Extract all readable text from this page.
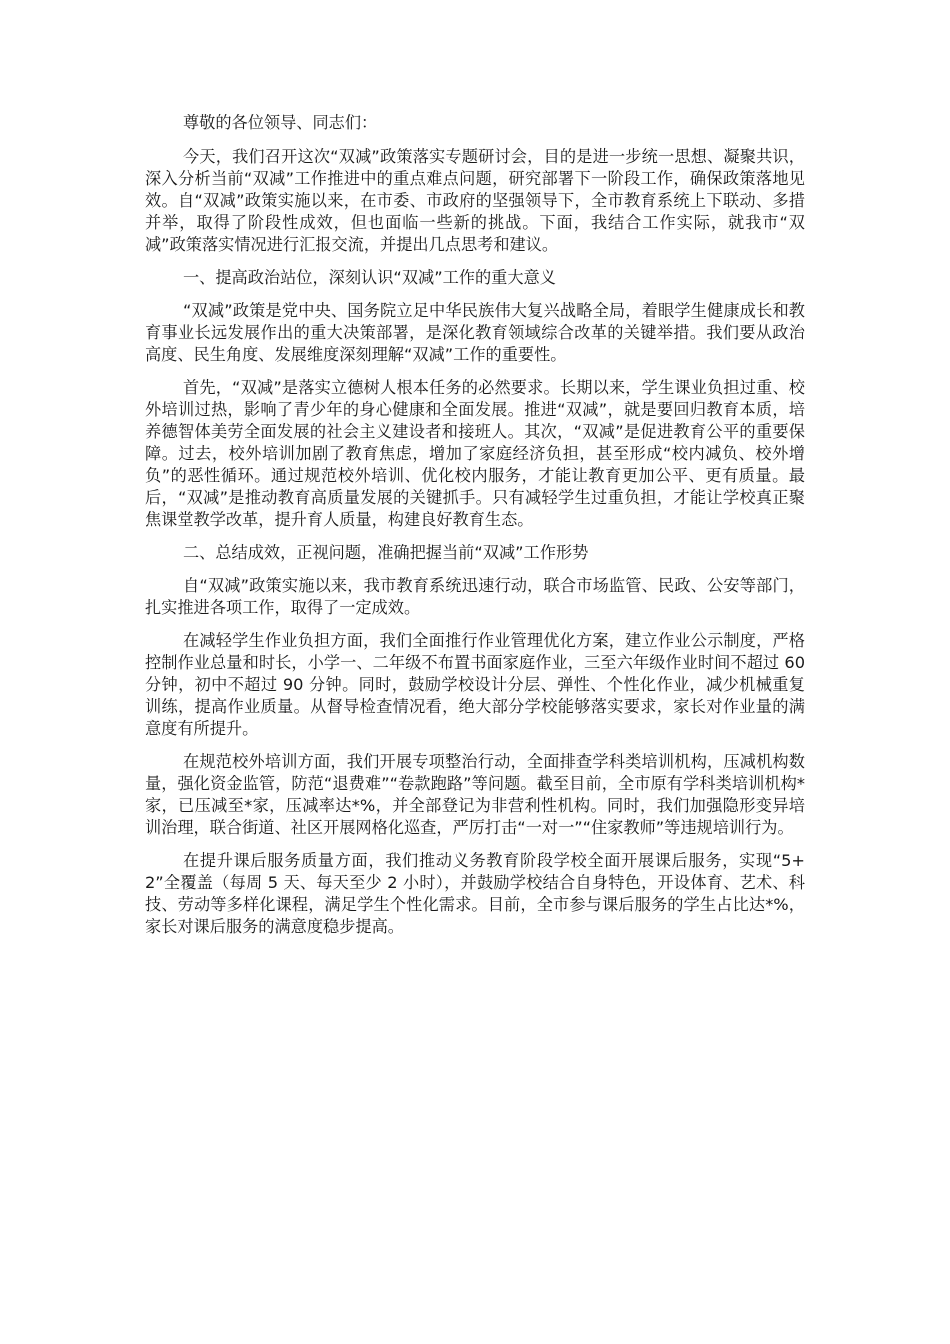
尊敬的各位领导、同志们：

今天，我们召开这次“双减”政策落实专题研讨会，目的是进一步统一思想、凝聚共识，深入分析当前“双减”工作推进中的重点难点问题，研究部署下一阶段工作，确保政策落地见效。自“双减”政策实施以来，在市委、市政府的坚强领导下，全市教育系统上下联动、多措并举，取得了阶段性成效，但也面临一些新的挑战。下面，我结合工作实际，就我市“双减”政策落实情况进行汇报交流，并提出几点思考和建议。

一、提高政治站位，深刻认识“双减”工作的重大意义

“双减”政策是党中央、国务院立足中华民族伟大复兴战略全局，着眼学生健康成长和教育事业长远发展作出的重大决策部署，是深化教育领域综合改革的关键举措。我们要从政治高度、民生角度、发展维度深刻理解“双减”工作的重要性。

首先，“双减”是落实立德树人根本任务的必然要求。长期以来，学生课业负担过重、校外培训过热，影响了青少年的身心健康和全面发展。推进“双减”，就是要回归教育本质，培养德智体美劳全面发展的社会主义建设者和接班人。其次，“双减”是促进教育公平的重要保障。过去，校外培训加剧了教育焦虑，增加了家庭经济负担，甚至形成“校内减负、校外增负”的恶性循环。通过规范校外培训、优化校内服务，才能让教育更加公平、更有质量。最后，“双减”是推动教育高质量发展的关键抓手。只有减轻学生过重负担，才能让学校真正聚焦课堂教学改革，提升育人质量，构建良好教育生态。

二、总结成效，正视问题，准确把握当前“双减”工作形势

自“双减”政策实施以来，我市教育系统迅速行动，联合市场监管、民政、公安等部门，扎实推进各项工作，取得了一定成效。

在减轻学生作业负担方面，我们全面推行作业管理优化方案，建立作业公示制度，严格控制作业总量和时长，小学一、二年级不布置书面家庭作业，三至六年级作业时间不超过 60 分钟，初中不超过 90 分钟。同时，鼓励学校设计分层、弹性、个性化作业，减少机械重复训练，提高作业质量。从督导检查情况看，绝大部分学校能够落实要求，家长对作业量的满意度有所提升。

在规范校外培训方面，我们开展专项整治行动，全面排查学科类培训机构，压减机构数量，强化资金监管，防范“退费难”“卷款跑路”等问题。截至目前，全市原有学科类培训机构*家，已压减至*家，压减率达*%，并全部登记为非营利性机构。同时，我们加强隐形变异培训治理，联合街道、社区开展网格化巡查，严厉打击“一对一”“住家教师”等违规培训行为。

在提升课后服务质量方面，我们推动义务教育阶段学校全面开展课后服务，实现“5+2”全覆盖（每周 5 天、每天至少 2 小时），并鼓励学校结合自身特色，开设体育、艺术、科技、劳动等多样化课程，满足学生个性化需求。目前，全市参与课后服务的学生占比达*%，家长对课后服务的满意度稳步提高。
